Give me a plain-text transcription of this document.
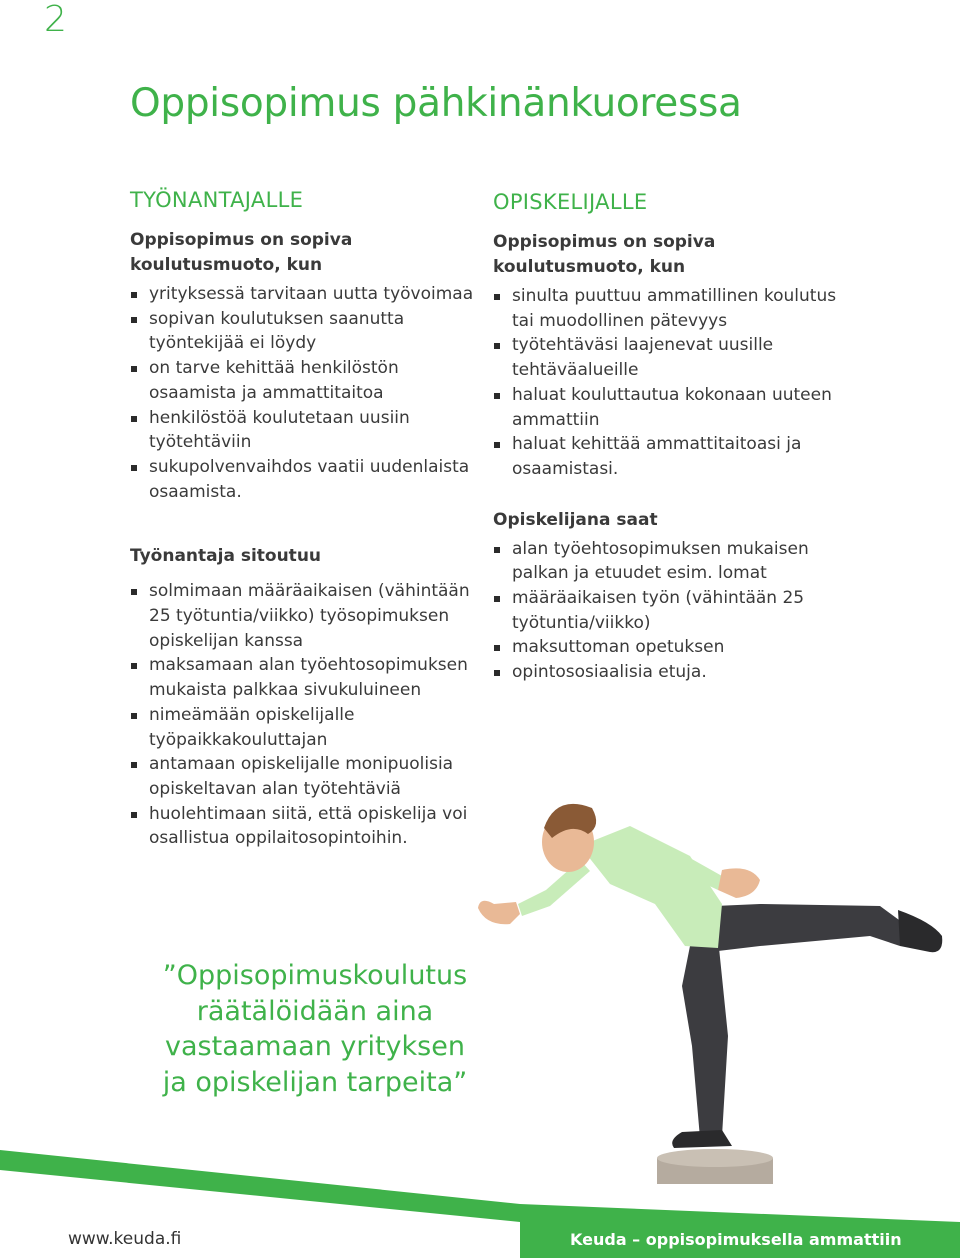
2
Oppisopimus pähkinänkuoressa
TYÖNANTAJALLE

Oppisopimus on sopiva koulutusmuoto, kun

yrityksessä tarvitaan uutta työvoimaa
sopivan koulutuksen saanutta työntekijää ei löydy
on tarve kehittää henkilöstön osaamista ja ammattitaitoa
henkilöstöä koulutetaan uusiin työtehtäviin
sukupolvenvaihdos vaatii uudenlaista osaamista.

Työnantaja sitoutuu

solmimaan määräaikaisen (vähintään 25 työtuntia/viikko) työsopimuksen opiskelijan kanssa
maksamaan alan työehtosopimuksen mukaista palkkaa sivukuluineen
nimeämään opiskelijalle työpaikkakouluttajan
antamaan opiskelijalle monipuolisia opiskeltavan alan työtehtäviä
huolehtimaan siitä, että opiskelija voi osallistua oppilaitosopintoihin.
OPISKELIJALLE

Oppisopimus on sopiva koulutusmuoto, kun

sinulta puuttuu ammatillinen koulutus tai muodollinen pätevyys
työtehtäväsi laajenevat uusille tehtäväalueille
haluat kouluttautua kokonaan uuteen ammattiin
haluat kehittää ammattitaitoasi ja osaamistasi.

Opiskelijana saat

alan työehtosopimuksen mukaisen palkan ja etuudet esim. lomat
määräaikaisen työn (vähintään 25 työtuntia/viikko)
maksuttoman opetuksen
opintososiaalisia etuja.
”Oppisopimuskoulutus räätälöidään aina vastaamaan yrityksen ja opiskelijan tarpeita”
www.keuda.fi	Keuda – oppisopimuksella ammattiin
